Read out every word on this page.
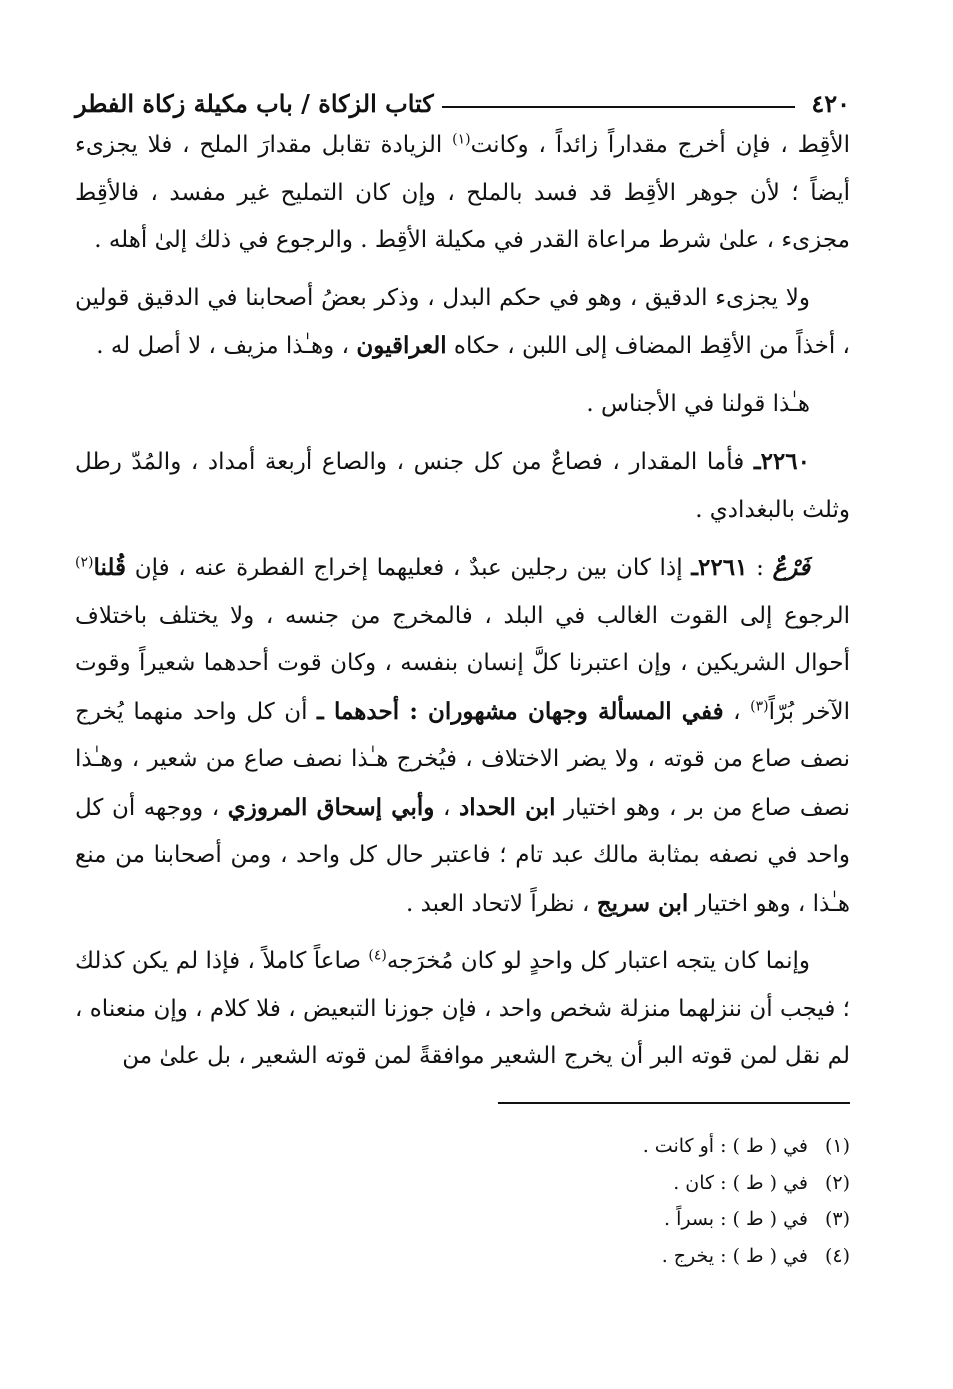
٤٢٠
كتاب الزكاة / باب مكيلة زكاة الفطر

الأقِط ، فإن أخرج مقداراً زائداً ، وكانت$^{(١)}$ الزيادة تقابل مقدارَ الملح ، فلا يجزىء أيضاً ؛ لأن جوهر الأقِط قد فسد بالملح ، وإن كان التمليح غير مفسد ، فالأقِط مجزىء ، علىٰ شرط مراعاة القدر في مكيلة الأقِط . والرجوع في ذلك إلىٰ أهله .

ولا يجزىء الدقيق ، وهو في حكم البدل ، وذكر بعضُ أصحابنا في الدقيق قولين ، أخذاً من الأقِط المضاف إلى اللبن ، حكاه العراقيون ، وهـٰذا مزيف ، لا أصل له .

هـٰذا قولنا في الأجناس .

٢٢٦٠ـ فأما المقدار ، فصاعٌ من كل جنس ، والصاع أربعة أمداد ، والمُدّ رطل وثلث بالبغدادي .

فَرْعٌ : ٢٢٦١ـ إذا كان بين رجلين عبدٌ ، فعليهما إخراج الفطرة عنه ، فإن قُلنا$^{(٢)}$ الرجوع إلى القوت الغالب في البلد ، فالمخرج من جنسه ، ولا يختلف باختلاف أحوال الشريكين ، وإن اعتبرنا كلَّ إنسان بنفسه ، وكان قوت أحدهما شعيراً وقوت الآخر بُرّاً$^{(٣)}$ ، ففي المسألة وجهان مشهوران : أحدهما ـ أن كل واحد منهما يُخرج نصف صاع من قوته ، ولا يضر الاختلاف ، فيُخرج هـٰذا نصف صاع من شعير ، وهـٰذا نصف صاع من بر ، وهو اختيار ابن الحداد ، وأبي إسحاق المروزي ، ووجهه أن كل واحد في نصفه بمثابة مالك عبد تام ؛ فاعتبر حال كل واحد ، ومن أصحابنا من منع هـٰذا ، وهو اختيار ابن سريج ، نظراً لاتحاد العبد .

وإنما كان يتجه اعتبار كل واحدٍ لو كان مُخرَجه$^{(٤)}$ صاعاً كاملاً ، فإذا لم يكن كذلك ؛ فيجب أن ننزلهما منزلة شخص واحد ، فإن جوزنا التبعيض ، فلا كلام ، وإن منعناه ، لم نقل لمن قوته البر أن يخرج الشعير موافقةً لمن قوته الشعير ، بل علىٰ من

(١)في ( ط ) : أو كانت .
(٢)في ( ط ) : كان .
(٣)في ( ط ) : بسراً .
(٤)في ( ط ) : يخرج .
